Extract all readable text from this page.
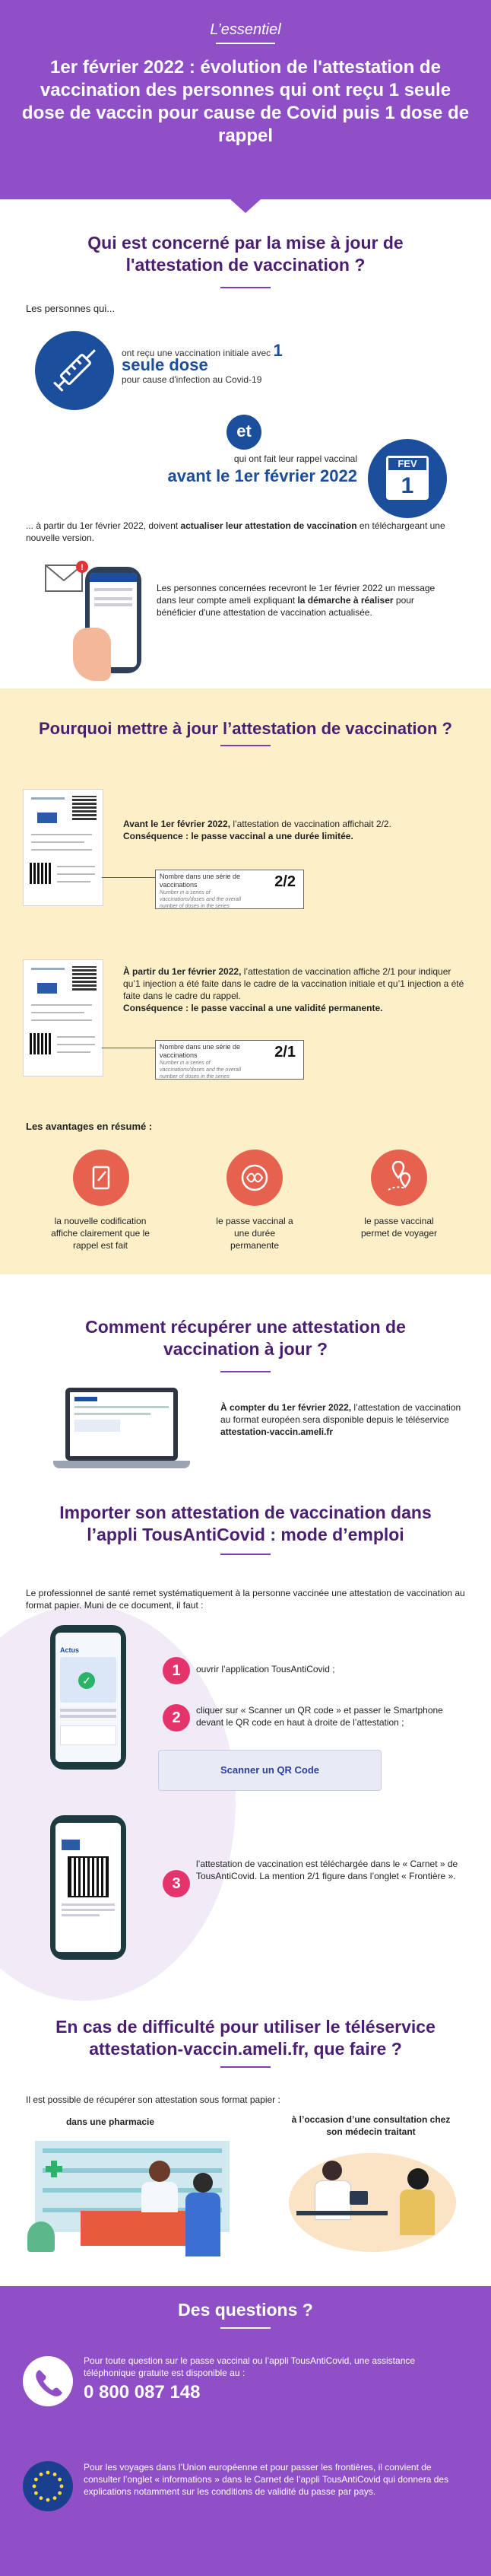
L’essentiel
1er février 2022 : évolution de l'attestation de vaccination des personnes qui ont reçu 1 seule dose de vaccin pour cause de Covid puis 1 dose de rappel
Qui est concerné par la mise à jour de l'attestation de vaccination ?
Les personnes qui...
ont reçu une vaccination initiale avec 1 seule dose
pour cause d'infection au Covid-19
et
qui ont fait leur rappel vaccinal
avant le 1er février 2022
FEV
1
... à partir du 1er février 2022, doivent actualiser leur attestation de vaccination en téléchargeant une nouvelle version.
!
Les personnes concernées recevront le 1er février 2022 un message dans leur compte ameli expliquant la démarche à réaliser pour bénéficier d'une attestation de vaccination actualisée.
Pourquoi mettre à jour l’attestation de vaccination ?
Avant le 1er février 2022, l’attestation de vaccination affichait 2/2.
Conséquence : le passe vaccinal a une durée limitée.
Nombre dans une série de vaccinations
Number in a series of vaccinations/doses and the overall number of doses in the series
2/2
À partir du 1er février 2022, l’attestation de vaccination affiche 2/1 pour indiquer qu’1 injection a été faite dans le cadre de la vaccination initiale et qu’1 injection a été faite dans le cadre du rappel.
Conséquence : le passe vaccinal a une validité permanente.
Nombre dans une série de vaccinations
Number in a series of vaccinations/doses and the overall number of doses in the series
2/1
Les avantages en résumé :
la nouvelle codification affiche clairement que le rappel est fait
le passe vaccinal a une durée permanente
le passe vaccinal permet de voyager
Comment récupérer une attestation de vaccination à jour ?
À compter du 1er février 2022, l’attestation de vaccination au format européen sera disponible depuis le téléservice attestation-vaccin.ameli.fr
Importer son attestation de vaccination dans l’appli TousAntiCovid : mode d’emploi
Le professionnel de santé remet systématiquement à la personne vaccinée une attestation de vaccination au format papier. Muni de ce document, il faut :
Actus
✓
1	ouvrir l’application TousAntiCovid ;
2	cliquer sur « Scanner un QR code » et passer le Smartphone devant le QR code en haut à droite de l’attestation ;
Scanner un QR Code
3
l’attestation de vaccination est téléchargée dans le « Carnet » de TousAntiCovid. La mention 2/1 figure dans l’onglet « Frontière ».
En cas de difficulté pour utiliser le téléservice attestation-vaccin.ameli.fr, que faire ?
Il est possible de récupérer son attestation sous format papier :
dans une pharmacie	à l’occasion d’une consultation chez son médecin traitant
Des questions ?
Pour toute question sur le passe vaccinal ou l’appli TousAntiCovid, une assistance téléphonique gratuite est disponible au :
0 800 087 148
Pour les voyages dans l’Union européenne et pour passer les frontières, il convient de consulter l’onglet « informations » dans le Carnet de l’appli TousAntiCovid qui donnera des explications notamment sur les conditions de validité du passe par pays.
